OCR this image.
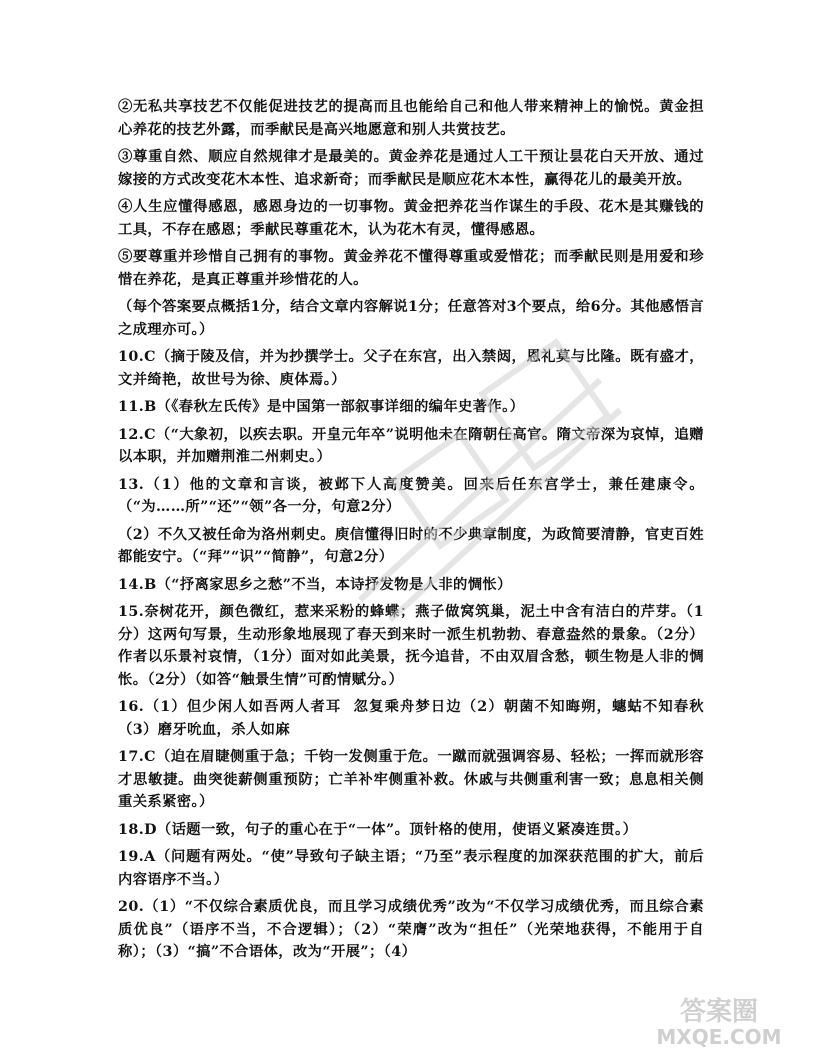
②无私共享技艺不仅能促进技艺的提高而且也能给自己和他人带来精神上的愉悦。黄金担心养花的技艺外露，而季献民是高兴地愿意和别人共赏技艺。

③尊重自然、顺应自然规律才是最美的。黄金养花是通过人工干预让昙花白天开放、通过嫁接的方式改变花木本性、追求新奇；而季献民是顺应花木本性，赢得花儿的最美开放。

④人生应懂得感恩，感恩身边的一切事物。黄金把养花当作谋生的手段、花木是其赚钱的工具，不存在感恩；季献民尊重花木，认为花木有灵，懂得感恩。

⑤要尊重并珍惜自己拥有的事物。黄金养花不懂得尊重或爱惜花；而季献民则是用爱和珍惜在养花，是真正尊重并珍惜花的人。

（每个答案要点概括1分，结合文章内容解说1分；任意答对3个要点，给6分。其他感悟言之成理亦可。）

10.C（摘于陵及信，并为抄撰学士。父子在东宫，出入禁闼，恩礼莫与比隆。既有盛才，文并绮艳，故世号为徐、庾体焉。）

11.B（《春秋左氏传》是中国第一部叙事详细的编年史著作。）

12.C（“大象初，以疾去职。开皇元年卒”说明他未在隋朝任高官。隋文帝深为哀悼，追赠以本职，并加赠荆淮二州刺史。）

13.（1）他的文章和言谈，被邺下人高度赞美。回来后任东宫学士，兼任建康令。（“为……所”“还”“领”各一分，句意2分）

（2）不久又被任命为洛州刺史。庾信懂得旧时的不少典章制度，为政简要清静，官吏百姓都能安宁。（“拜”“识”“简静”，句意2分）

14.B（“抒离家思乡之愁”不当，本诗抒发物是人非的惆怅）

15.奈树花开，颜色微红，惹来采粉的蜂蝶；燕子做窝筑巢，泥土中含有洁白的芹芽。（1分）这两句写景，生动形象地展现了春天到来时一派生机勃勃、春意盎然的景象。（2分）作者以乐景衬哀情，（1分）面对如此美景，抚今追昔，不由双眉含愁，顿生物是人非的惆怅。（2分）（如答“触景生情”可酌情赋分。）

16.（1）但少闲人如吾两人者耳  忽复乘舟梦日边（2）朝菌不知晦朔，蟪蛄不知春秋（3）磨牙吮血，杀人如麻

17.C（迫在眉睫侧重于急；千钧一发侧重于危。一蹴而就强调容易、轻松；一挥而就形容才思敏捷。曲突徙薪侧重预防；亡羊补牢侧重补救。休戚与共侧重利害一致；息息相关侧重关系紧密。）

18.D（话题一致，句子的重心在于“一体”。顶针格的使用，使语义紧凑连贯。）

19.A（问题有两处。“使”导致句子缺主语；“乃至”表示程度的加深获范围的扩大，前后内容语序不当。）

20.（1）“不仅综合素质优良，而且学习成绩优秀”改为“不仅学习成绩优秀，而且综合素质优良”（语序不当，不合逻辑）；（2）“荣膺”改为“担任”（光荣地获得，不能用于自称）；（3）“搞”不合语体，改为“开展”；（4）

答案圈
MXQE.COM
